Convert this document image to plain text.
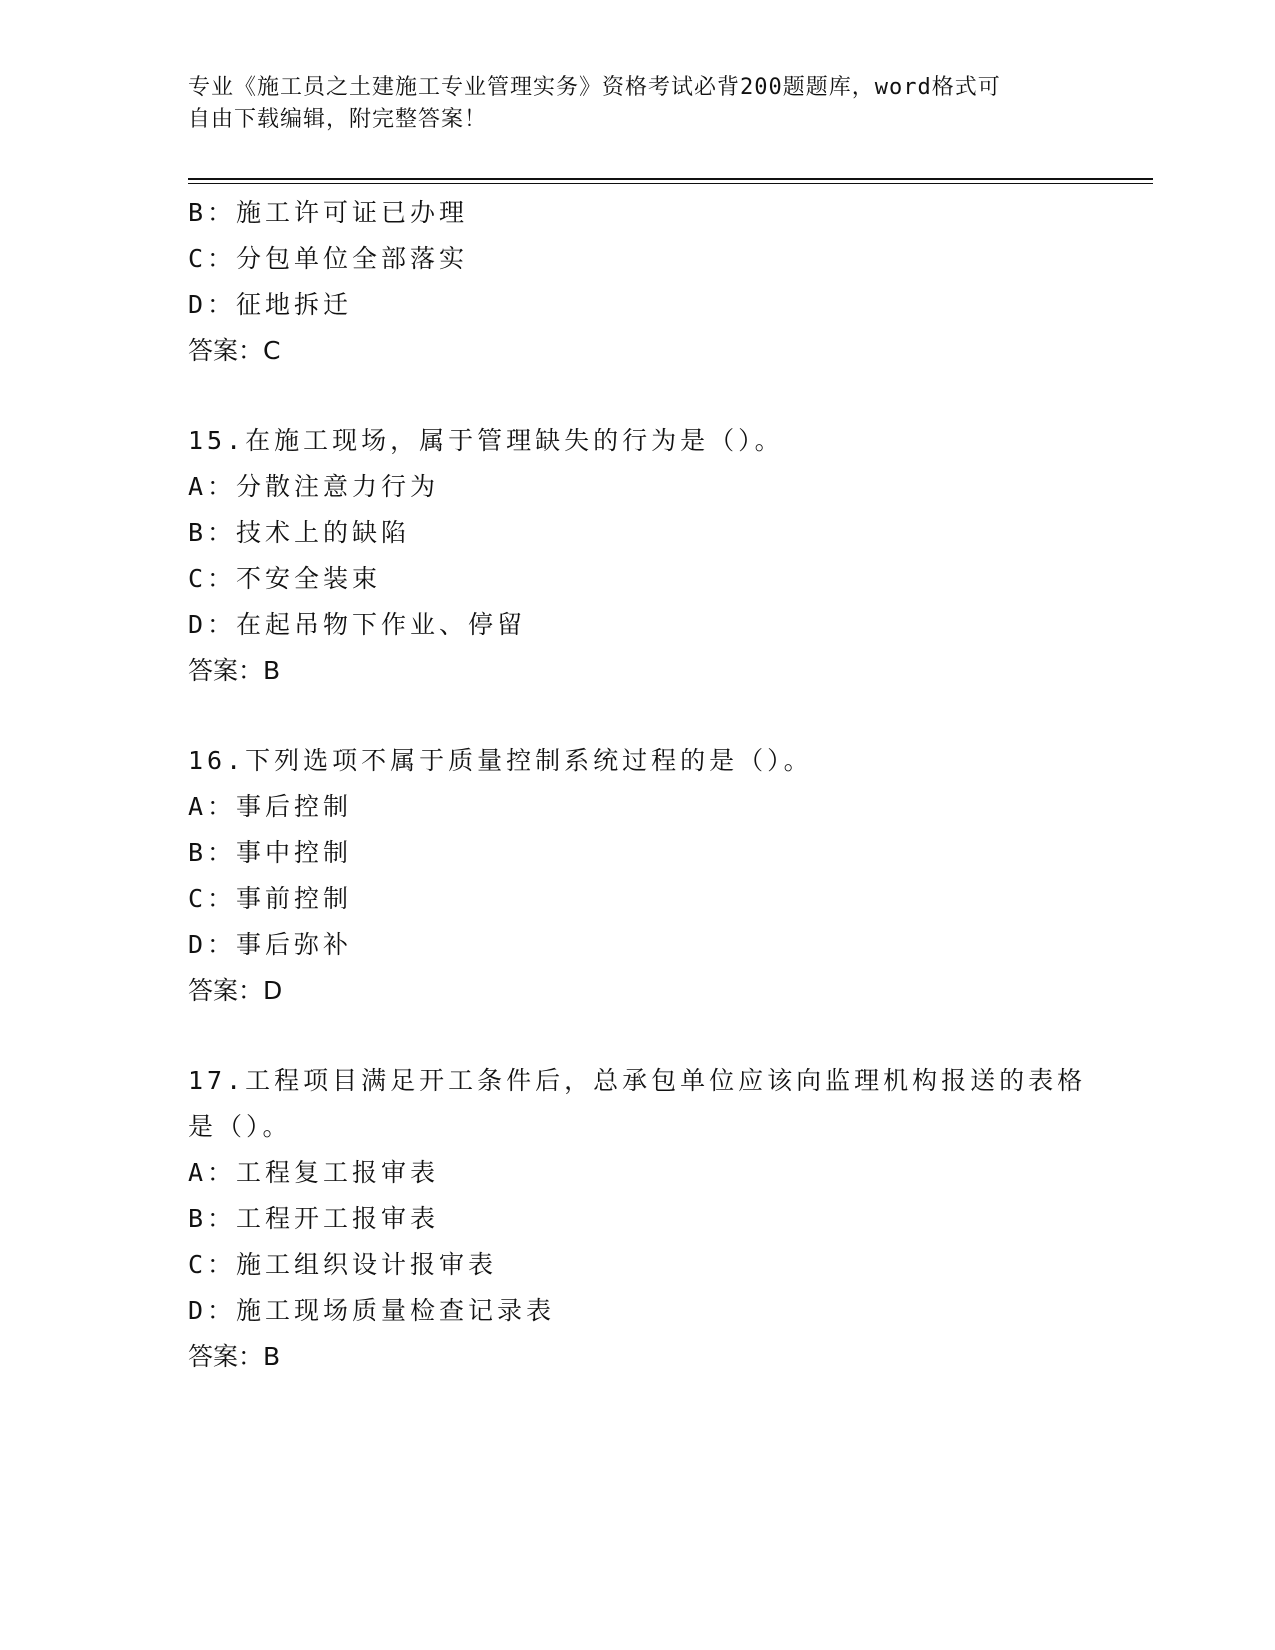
专业《施工员之土建施工专业管理实务》资格考试必背200题题库，word格式可
自由下载编辑，附完整答案！
B：施工许可证已办理
C：分包单位全部落实
D：征地拆迁
答案：C
15.在施工现场，属于管理缺失的行为是（）。
A：分散注意力行为
B：技术上的缺陷
C：不安全装束
D：在起吊物下作业、停留
答案：B
16.下列选项不属于质量控制系统过程的是（）。
A：事后控制
B：事中控制
C：事前控制
D：事后弥补
答案：D
17.工程项目满足开工条件后，总承包单位应该向监理机构报送的表格
是（）。
A：工程复工报审表
B：工程开工报审表
C：施工组织设计报审表
D：施工现场质量检查记录表
答案：B
